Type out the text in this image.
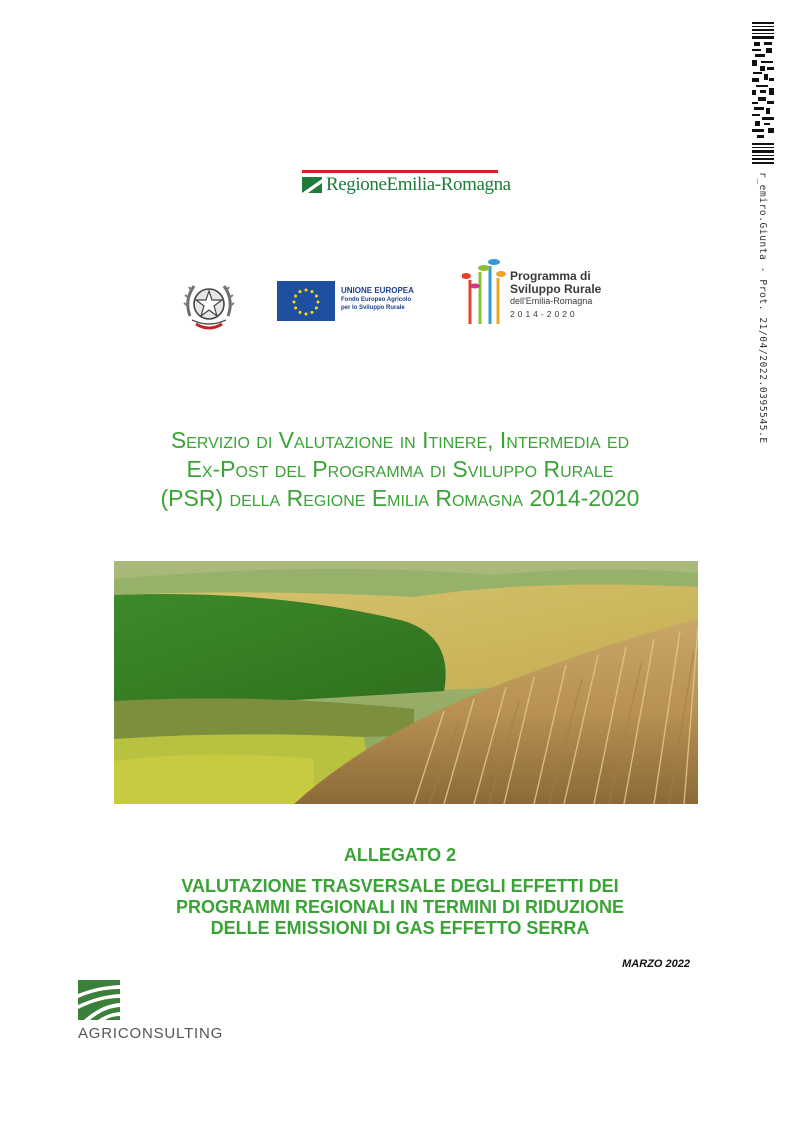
r_emiro.Giunta - Prot. 21/04/2022.0395545.E
RegioneEmilia-Romagna
UNIONE EUROPEA
Fondo Europeo Agricolo
per lo Sviluppo Rurale
Programma di
Sviluppo Rurale
dell'Emilia-Romagna
2014-2020
Servizio di Valutazione in Itinere, Intermedia ed
Ex-Post del Programma di Sviluppo Rurale
(PSR) della Regione Emilia Romagna 2014-2020
ALLEGATO 2
VALUTAZIONE TRASVERSALE DEGLI EFFETTI DEI
PROGRAMMI REGIONALI IN TERMINI DI RIDUZIONE
DELLE EMISSIONI DI GAS EFFETTO SERRA
MARZO 2022
AGRICONSULTING
